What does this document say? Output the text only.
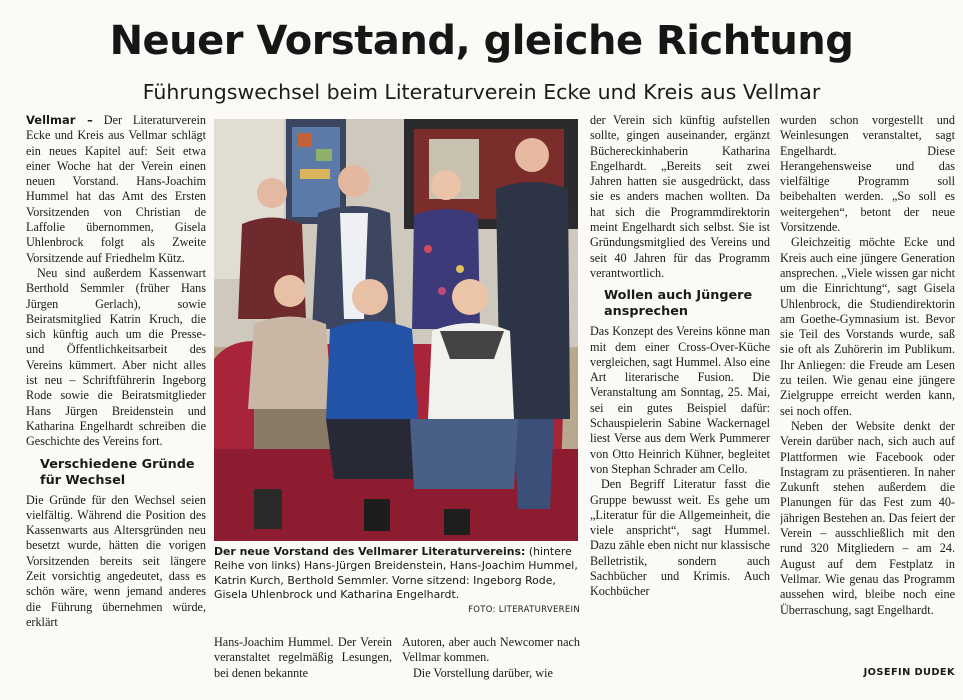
Neuer Vorstand, gleiche Richtung
Führungswechsel beim Literaturverein Ecke und Kreis aus Vellmar

Vellmar – Der Literaturverein Ecke und Kreis aus Vellmar schlägt ein neues Kapitel auf: Seit etwa einer Woche hat der Verein einen neuen Vorstand. Hans-Joachim Hummel hat das Amt des Ersten Vorsitzenden von Christian de Laffolie übernommen, Gisela Uhlenbrock folgt als Zweite Vorsitzende auf Friedhelm Kütz.

Neu sind außerdem Kassenwart Berthold Semmler (früher Hans Jürgen Gerlach), sowie Beiratsmitglied Katrin Kruch, die sich künftig auch um die Presse- und Öffentlichkeitsarbeit des Vereins kümmert. Aber nicht alles ist neu – Schriftführerin Ingeborg Rode sowie die Beiratsmitglieder Hans Jürgen Breidenstein und Katharina Engelhardt schreiben die Geschichte des Vereins fort.

Verschiedene Gründe für Wechsel

Die Gründe für den Wechsel seien vielfältig. Während die Position des Kassenwarts aus Altersgründen neu besetzt wurde, hätten die vorigen Vorsitzenden bereits seit längere Zeit vorsichtig angedeutet, dass es schön wäre, wenn jemand anderes die Führung übernehmen würde, erklärt

Der neue Vorstand des Vellmarer Literaturvereins: (hintere Reihe von links) Hans-Jürgen Breidenstein, Hans-Joachim Hummel, Katrin Kurch, Berthold Semmler. Vorne sitzend: Ingeborg Rode, Gisela Uhlenbrock und Katharina Engelhardt.
FOTO: LITERATURVEREIN

Hans-Joachim Hummel. Der Verein veranstaltet regelmäßig Lesungen, bei denen bekannte

Autoren, aber auch Newcomer nach Vellmar kommen.

Die Vorstellung darüber, wie

der Verein sich künftig aufstellen sollte, gingen auseinander, ergänzt Büchereckinhaberin Katharina Engelhardt. „Bereits seit zwei Jahren hatten sie ausgedrückt, dass sie es anders machen wollten. Da hat sich die Programmdirektorin meint Engelhardt sich selbst. Sie ist Gründungsmitglied des Vereins und seit 40 Jahren für das Programm verantwortlich.

Wollen auch Jüngere ansprechen

Das Konzept des Vereins könne man mit dem einer Cross-Over-Küche vergleichen, sagt Hummel. Also eine Art literarische Fusion. Die Veranstaltung am Sonntag, 25. Mai, sei ein gutes Beispiel dafür: Schauspielerin Sabine Wackernagel liest Verse aus dem Werk Pummerer von Otto Heinrich Kühner, begleitet von Stephan Schrader am Cello.

Den Begriff Literatur fasst die Gruppe bewusst weit. Es gehe um „Literatur für die Allgemeinheit, die viele anspricht“, sagt Hummel. Dazu zähle eben nicht nur klassische Belletristik, sondern auch Sachbücher und Krimis. Auch Kochbücher

wurden schon vorgestellt und Weinlesungen veranstaltet, sagt Engelhardt. Diese Herangehensweise und das vielfältige Programm soll beibehalten werden. „So soll es weitergehen“, betont der neue Vorsitzende.

Gleichzeitig möchte Ecke und Kreis auch eine jüngere Generation ansprechen. „Viele wissen gar nicht um die Einrichtung“, sagt Gisela Uhlenbrock, die Studiendirektorin am Goethe-Gymnasium ist. Bevor sie Teil des Vorstands wurde, saß sie oft als Zuhörerin im Publikum. Ihr Anliegen: die Freude am Lesen zu teilen. Wie genau eine jüngere Zielgruppe erreicht werden kann, sei noch offen.

Neben der Website denkt der Verein darüber nach, sich auch auf Plattformen wie Facebook oder Instagram zu präsentieren. In naher Zukunft stehen außerdem die Planungen für das Fest zum 40-jährigen Bestehen an. Das feiert der Verein – ausschließlich mit den rund 320 Mitgliedern – am 24. August auf dem Festplatz in Vellmar. Wie genau das Programm aussehen wird, bleibe noch eine Überraschung, sagt Engelhardt.

JOSEFIN DUDEK
